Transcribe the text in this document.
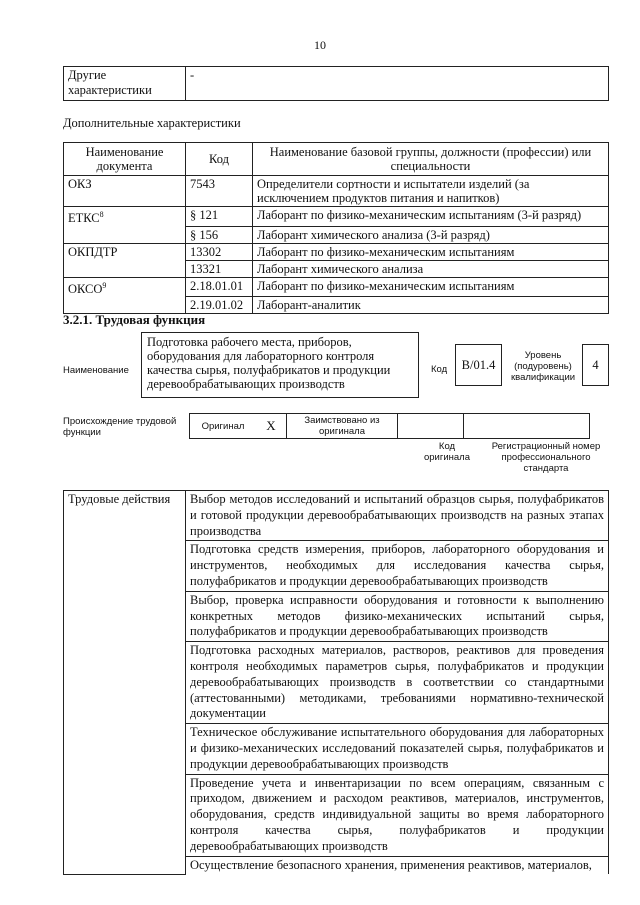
10
Другие характеристики	-
Дополнительные характеристики
Наименование документа	Код	Наименование базовой группы, должности (профессии) или специальности
ОКЗ	7543	Определители сортности и испытатели изделий (за исключением продуктов питания и напитков)
ЕТКС$^8$	§ 121	Лаборант по физико-механическим испытаниям (3-й разряд)
	§ 156	Лаборант химического анализа (3-й разряд)
ОКПДТР	13302	Лаборант по физико-механическим испытаниям
	13321	Лаборант химического анализа
ОКСО$^9$	2.18.01.01	Лаборант по физико-механическим испытаниям
	2.19.01.02	Лаборант-аналитик
3.2.1. Трудовая функция
Наименование
Подготовка рабочего места, приборов, оборудования для лабораторного контроля качества сырья, полуфабрикатов и продукции деревообрабатывающих производств
Код	B/01.4
Уровень (подуровень) квалификации
4
Происхождение трудовой функции
Оригинал	X	Заимствовано из оригинала		
Код оригинала
Регистрационный номер профессионального стандарта
Трудовые действия	Выбор методов исследований и испытаний образцов сырья, полуфабрикатов и готовой продукции деревообрабатывающих производств на разных этапах производства
Подготовка средств измерения, приборов, лабораторного оборудования и инструментов, необходимых для исследования качества сырья, полуфабрикатов и продукции деревообрабатывающих производств
Выбор, проверка исправности оборудования и готовности к выполнению конкретных методов физико-механических испытаний сырья, полуфабрикатов и продукции деревообрабатывающих производств
Подготовка расходных материалов, растворов, реактивов для проведения контроля необходимых параметров сырья, полуфабрикатов и продукции деревообрабатывающих производств в соответствии со стандартными (аттестованными) методиками, требованиями нормативно-технической документации
Техническое обслуживание испытательного оборудования для лабораторных и физико-механических исследований показателей сырья, полуфабрикатов и продукции деревообрабатывающих производств
Проведение учета и инвентаризации по всем операциям, связанным с приходом, движением и расходом реактивов, материалов, инструментов, оборудования, средств индивидуальной защиты во время лабораторного контроля качества сырья, полуфабрикатов и продукции деревообрабатывающих производств
Осуществление безопасного хранения, применения реактивов, материалов,
